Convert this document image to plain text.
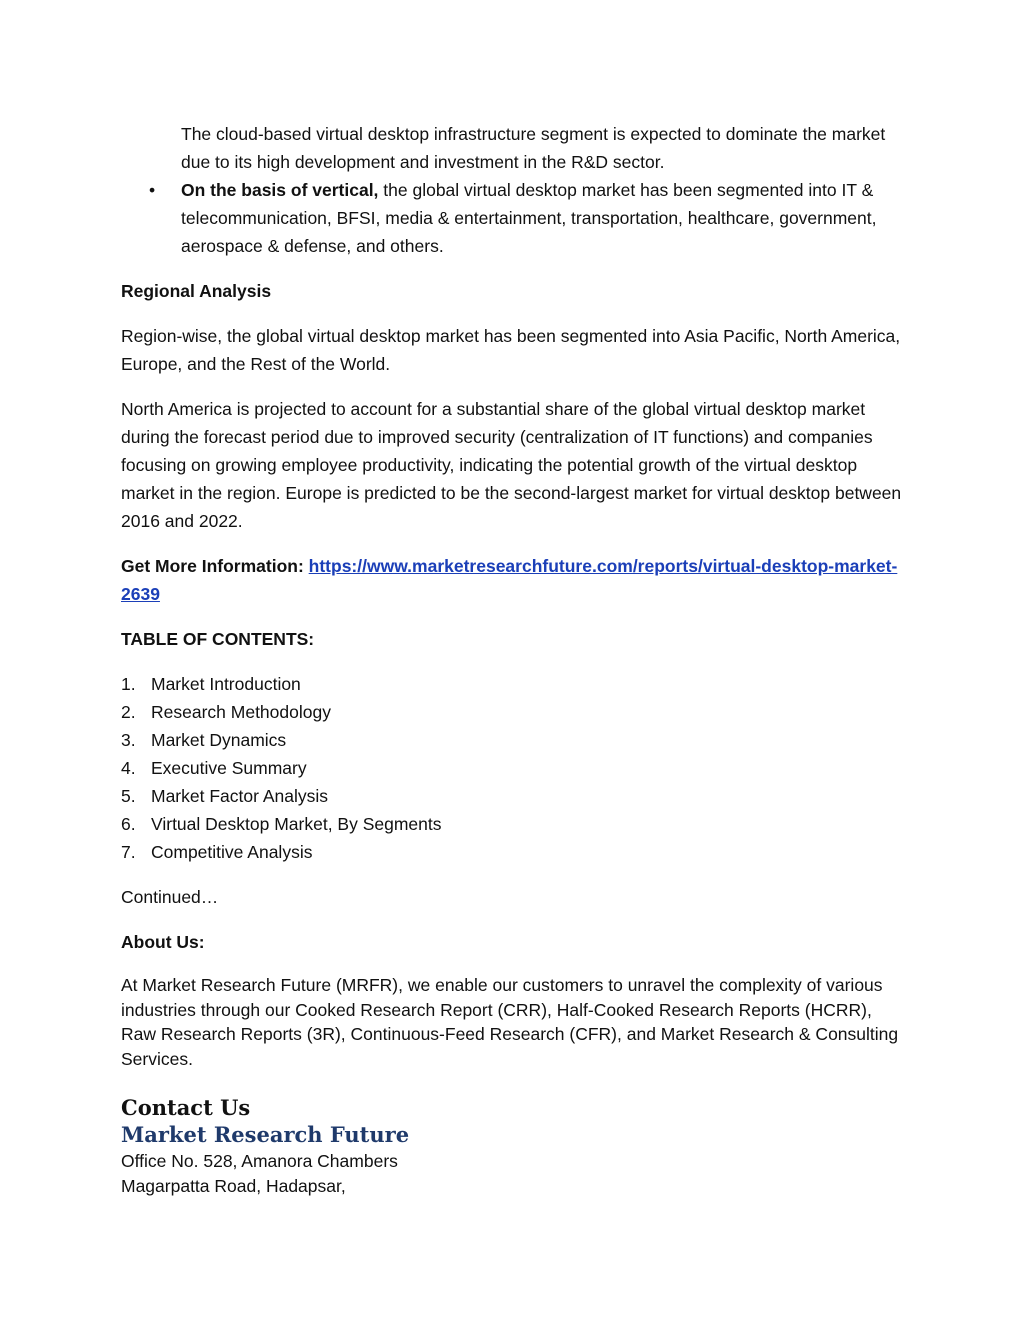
The cloud-based virtual desktop infrastructure segment is expected to dominate the market due to its high development and investment in the R&D sector.

• On the basis of vertical, the global virtual desktop market has been segmented into IT & telecommunication, BFSI, media & entertainment, transportation, healthcare, government, aerospace & defense, and others.

Regional Analysis

Region-wise, the global virtual desktop market has been segmented into Asia Pacific, North America, Europe, and the Rest of the World.

North America is projected to account for a substantial share of the global virtual desktop market during the forecast period due to improved security (centralization of IT functions) and companies focusing on growing employee productivity, indicating the potential growth of the virtual desktop market in the region. Europe is predicted to be the second-largest market for virtual desktop between 2016 and 2022.

Get More Information: https://www.marketresearchfuture.com/reports/virtual-desktop-market-2639

TABLE OF CONTENTS:

1. Market Introduction
2. Research Methodology
3. Market Dynamics
4. Executive Summary
5. Market Factor Analysis
6. Virtual Desktop Market, By Segments
7. Competitive Analysis

Continued…

About Us:

At Market Research Future (MRFR), we enable our customers to unravel the complexity of various industries through our Cooked Research Report (CRR), Half-Cooked Research Reports (HCRR), Raw Research Reports (3R), Continuous-Feed Research (CFR), and Market Research & Consulting Services.

Contact Us
Market Research Future
Office No. 528, Amanora Chambers
Magarpatta Road, Hadapsar,
